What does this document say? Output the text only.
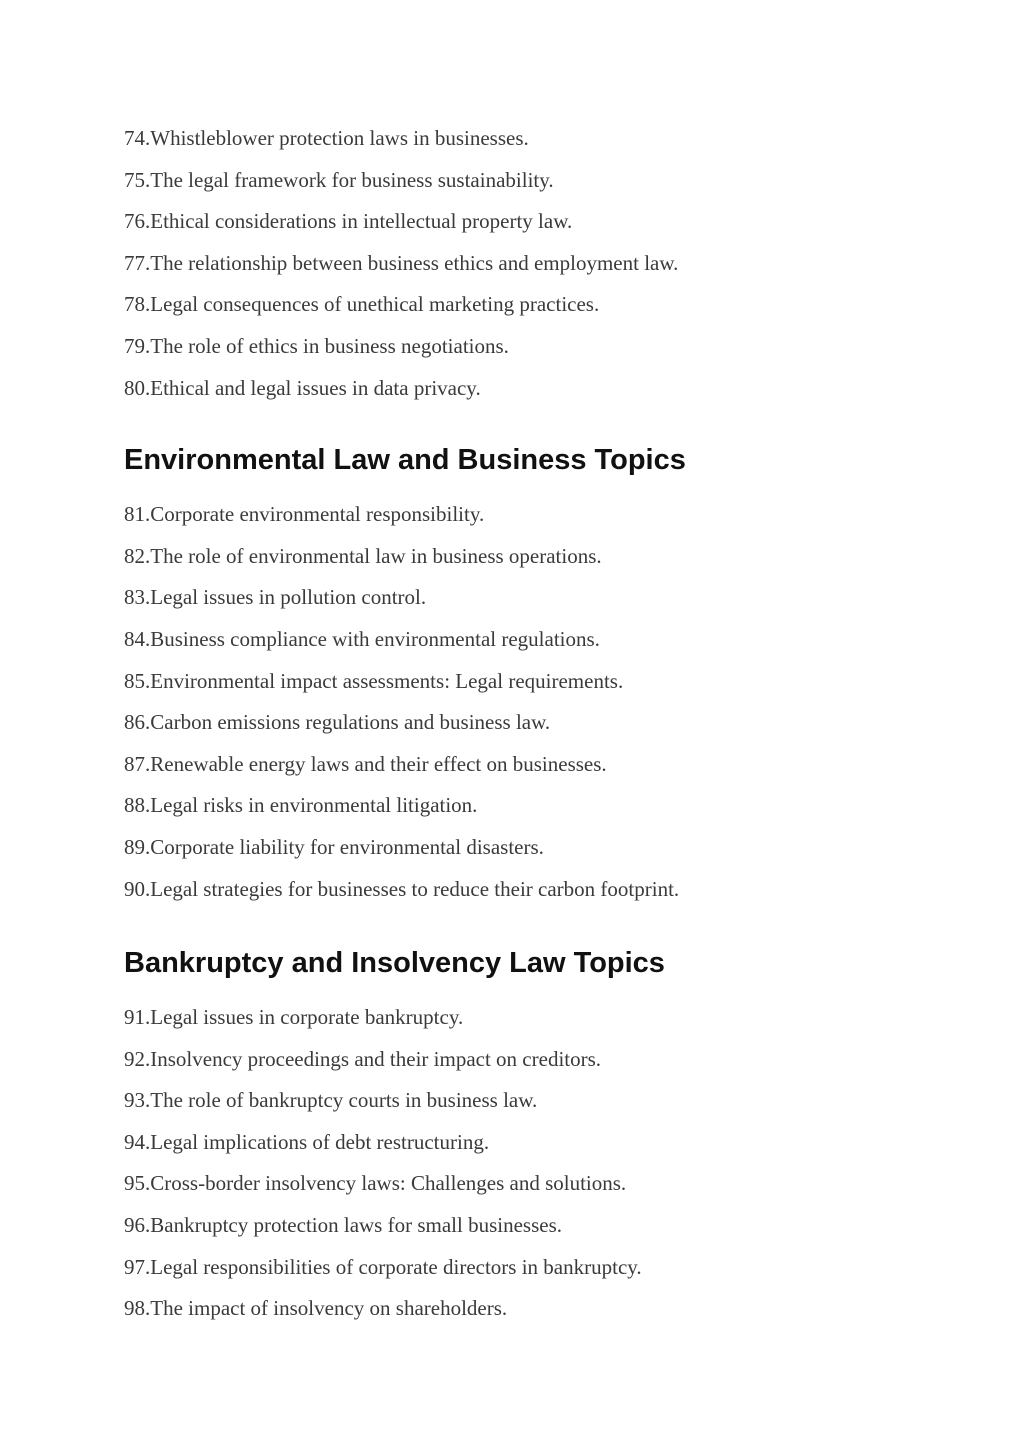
74.Whistleblower protection laws in businesses.
75.The legal framework for business sustainability.
76.Ethical considerations in intellectual property law.
77.The relationship between business ethics and employment law.
78.Legal consequences of unethical marketing practices.
79.The role of ethics in business negotiations.
80.Ethical and legal issues in data privacy.
Environmental Law and Business Topics
81.Corporate environmental responsibility.
82.The role of environmental law in business operations.
83.Legal issues in pollution control.
84.Business compliance with environmental regulations.
85.Environmental impact assessments: Legal requirements.
86.Carbon emissions regulations and business law.
87.Renewable energy laws and their effect on businesses.
88.Legal risks in environmental litigation.
89.Corporate liability for environmental disasters.
90.Legal strategies for businesses to reduce their carbon footprint.
Bankruptcy and Insolvency Law Topics
91.Legal issues in corporate bankruptcy.
92.Insolvency proceedings and their impact on creditors.
93.The role of bankruptcy courts in business law.
94.Legal implications of debt restructuring.
95.Cross-border insolvency laws: Challenges and solutions.
96.Bankruptcy protection laws for small businesses.
97.Legal responsibilities of corporate directors in bankruptcy.
98.The impact of insolvency on shareholders.
